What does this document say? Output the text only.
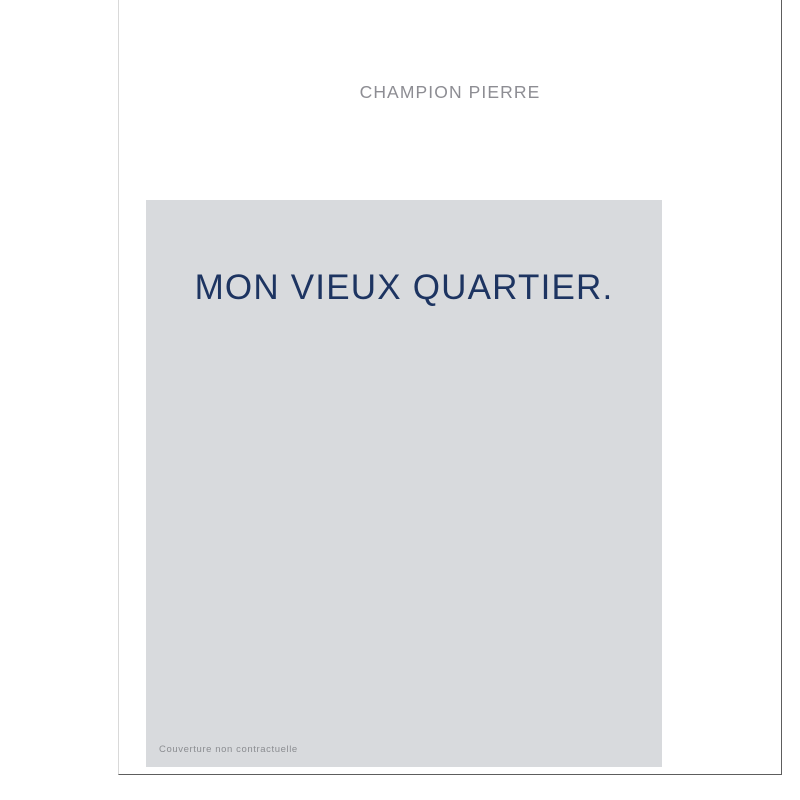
CHAMPION PIERRE
MON VIEUX QUARTIER.
Couverture non contractuelle
